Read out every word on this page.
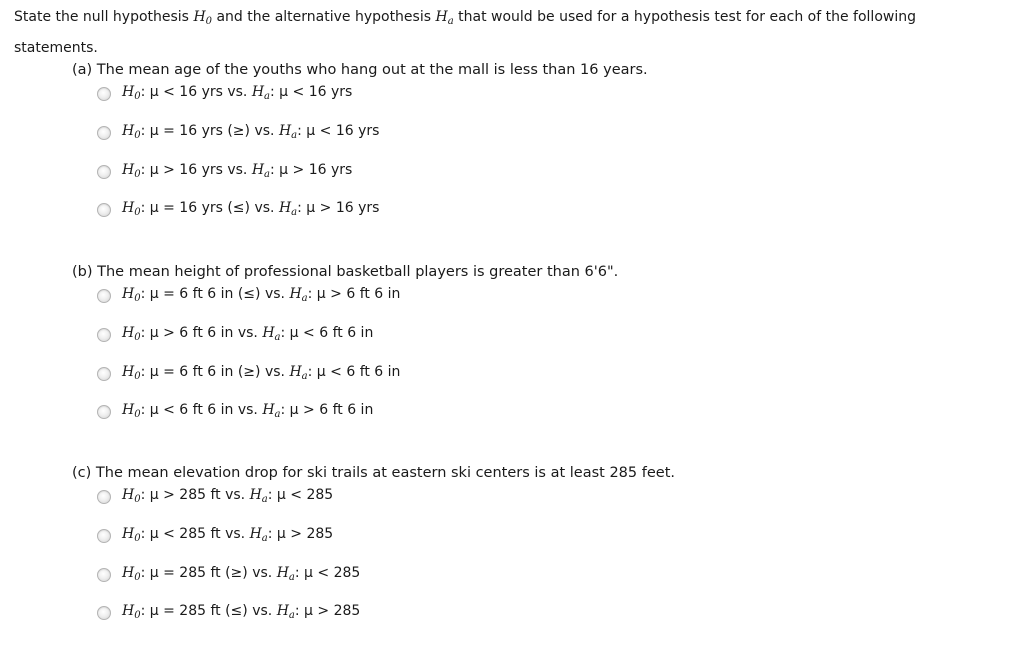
State the null hypothesis $H_0$ and the alternative hypothesis $H_a$ that would be used for a hypothesis test for each of the following statements.
(a) The mean age of the youths who hang out at the mall is less than 16 years.
$H_0$: μ < 16 yrs vs. $H_a$: μ < 16 yrs
$H_0$: μ = 16 yrs (≥) vs. $H_a$: μ < 16 yrs
$H_0$: μ > 16 yrs vs. $H_a$: μ > 16 yrs
$H_0$: μ = 16 yrs (≤) vs. $H_a$: μ > 16 yrs
(b) The mean height of professional basketball players is greater than 6'6".
$H_0$: μ = 6 ft 6 in (≤) vs. $H_a$: μ > 6 ft 6 in
$H_0$: μ > 6 ft 6 in vs. $H_a$: μ < 6 ft 6 in
$H_0$: μ = 6 ft 6 in (≥) vs. $H_a$: μ < 6 ft 6 in
$H_0$: μ < 6 ft 6 in vs. $H_a$: μ > 6 ft 6 in
(c) The mean elevation drop for ski trails at eastern ski centers is at least 285 feet.
$H_0$: μ > 285 ft vs. $H_a$: μ < 285
$H_0$: μ < 285 ft vs. $H_a$: μ > 285
$H_0$: μ = 285 ft (≥) vs. $H_a$: μ < 285
$H_0$: μ = 285 ft (≤) vs. $H_a$: μ > 285
